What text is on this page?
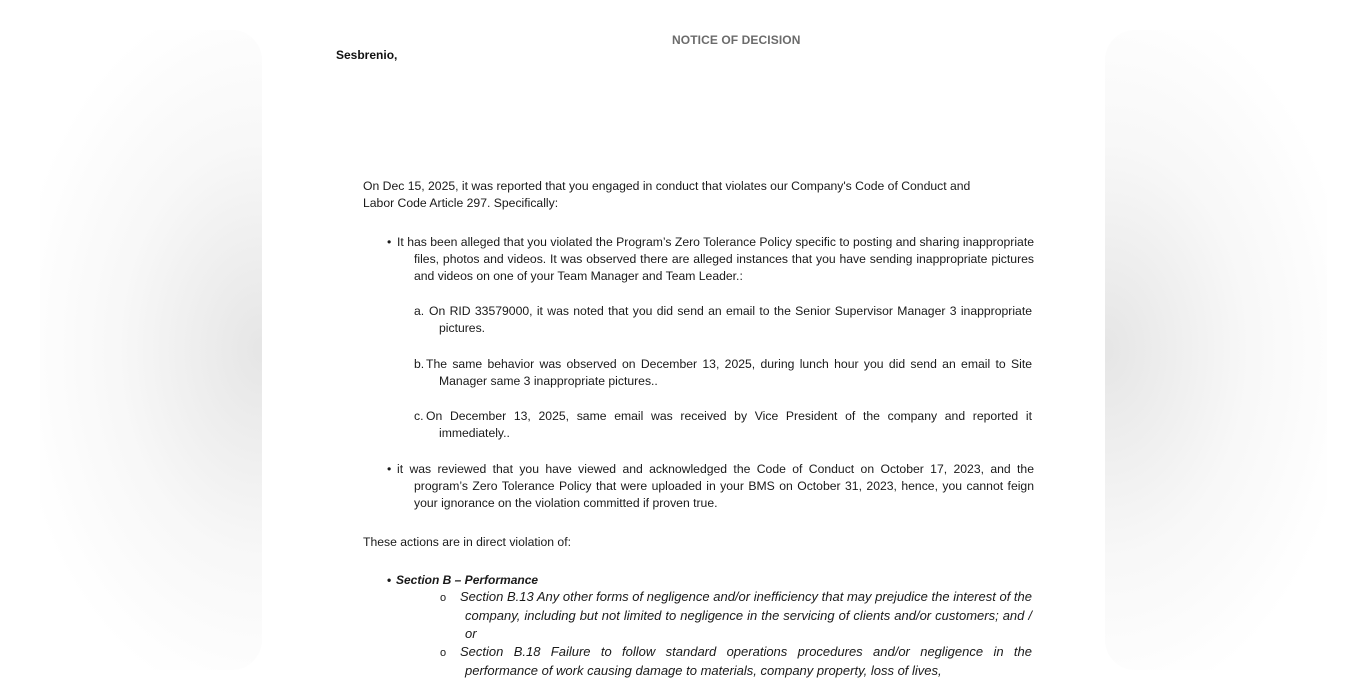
NOTICE OF DECISION
Sesbrenio,
On Dec 15, 2025, it was reported that you engaged in conduct that violates our Company's Code of Conduct and Labor Code Article 297. Specifically:
• It has been alleged that you violated the Program’s Zero Tolerance Policy specific to posting and sharing inappropriate files, photos and videos. It was observed there are alleged instances that you have sending inappropriate pictures and videos on one of your Team Manager and Team Leader.:
a. On RID 33579000, it was noted that you did send an email to the Senior Supervisor Manager 3 inappropriate pictures.
b. The same behavior was observed on December 13, 2025, during lunch hour you did send an email to Site Manager same 3 inappropriate pictures..
c. On December 13, 2025, same email was received by Vice President of the company and reported it immediately..
• it was reviewed that you have viewed and acknowledged the Code of Conduct on October 17, 2023, and the program’s Zero Tolerance Policy that were uploaded in your BMS on October 31, 2023, hence, you cannot feign your ignorance on the violation committed if proven true.
These actions are in direct violation of:
• Section B – Performance
o Section B.13 Any other forms of negligence and/or inefficiency that may prejudice the interest of the company, including but not limited to negligence in the servicing of clients and/or customers; and / or
o Section B.18 Failure to follow standard operations procedures and/or negligence in the performance of work causing damage to materials, company property, loss of lives,
